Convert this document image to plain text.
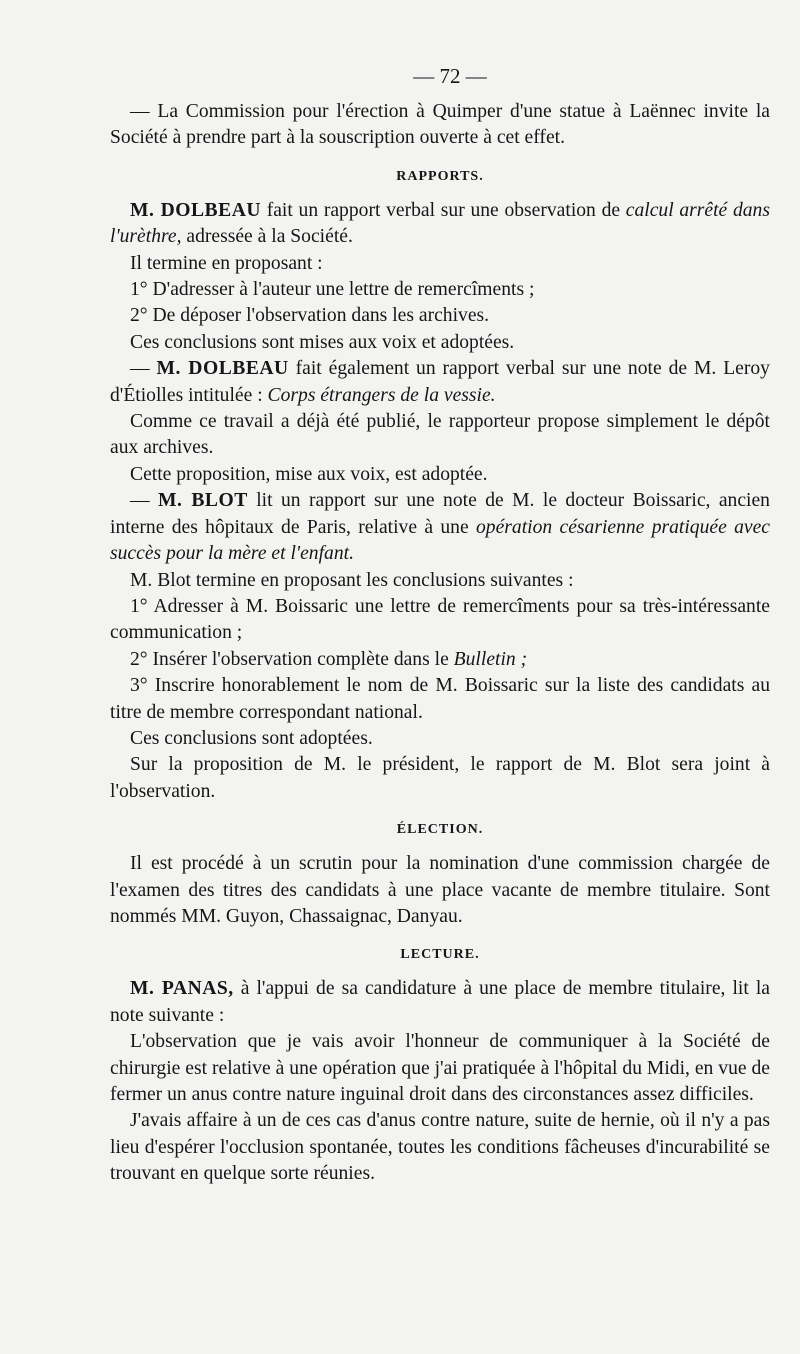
— 72 —

— La Commission pour l'érection à Quimper d'une statue à Laënnec invite la Société à prendre part à la souscription ouverte à cet effet.

RAPPORTS.

M. DOLBEAU fait un rapport verbal sur une observation de calcul arrêté dans l'urèthre, adressée à la Société.

Il termine en proposant :

1° D'adresser à l'auteur une lettre de remercîments ;

2° De déposer l'observation dans les archives.

Ces conclusions sont mises aux voix et adoptées.

— M. DOLBEAU fait également un rapport verbal sur une note de M. Leroy d'Étiolles intitulée : Corps étrangers de la vessie.

Comme ce travail a déjà été publié, le rapporteur propose simplement le dépôt aux archives.

Cette proposition, mise aux voix, est adoptée.

— M. BLOT lit un rapport sur une note de M. le docteur Boissaric, ancien interne des hôpitaux de Paris, relative à une opération césarienne pratiquée avec succès pour la mère et l'enfant.

M. Blot termine en proposant les conclusions suivantes :

1° Adresser à M. Boissaric une lettre de remercîments pour sa très-intéressante communication ;

2° Insérer l'observation complète dans le Bulletin ;

3° Inscrire honorablement le nom de M. Boissaric sur la liste des candidats au titre de membre correspondant national.

Ces conclusions sont adoptées.

Sur la proposition de M. le président, le rapport de M. Blot sera joint à l'observation.

ÉLECTION.

Il est procédé à un scrutin pour la nomination d'une commission chargée de l'examen des titres des candidats à une place vacante de membre titulaire. Sont nommés MM. Guyon, Chassaignac, Danyau.

LECTURE.

M. PANAS, à l'appui de sa candidature à une place de membre titulaire, lit la note suivante :

L'observation que je vais avoir l'honneur de communiquer à la Société de chirurgie est relative à une opération que j'ai pratiquée à l'hôpital du Midi, en vue de fermer un anus contre nature inguinal droit dans des circonstances assez difficiles.

J'avais affaire à un de ces cas d'anus contre nature, suite de hernie, où il n'y a pas lieu d'espérer l'occlusion spontanée, toutes les conditions fâcheuses d'incurabilité se trouvant en quelque sorte réunies.
